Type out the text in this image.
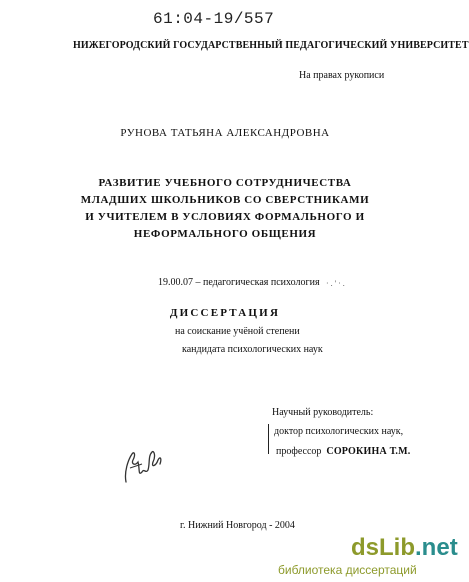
61:04-19/557
НИЖЕГОРОДСКИЙ ГОСУДАРСТВЕННЫЙ ПЕДАГОГИЧЕСКИЙ УНИВЕРСИТЕТ
На правах рукописи
РУНОВА ТАТЬЯНА АЛЕКСАНДРОВНА
РАЗВИТИЕ УЧЕБНОГО СОТРУДНИЧЕСТВА
МЛАДШИХ ШКОЛЬНИКОВ СО СВЕРСТНИКАМИ
И УЧИТЕЛЕМ В УСЛОВИЯХ ФОРМАЛЬНОГО И
НЕФОРМАЛЬНОГО ОБЩЕНИЯ
19.00.07 – педагогическая психология ·.'·.
ДИССЕРТАЦИЯ
на соискание учёной степени
кандидата психологических наук
Научный руководитель:
доктор психологических наук,
профессор СОРОКИНА Т.М.
г. Нижний Новгород - 2004
dsLib.net
библиотека диссертаций
